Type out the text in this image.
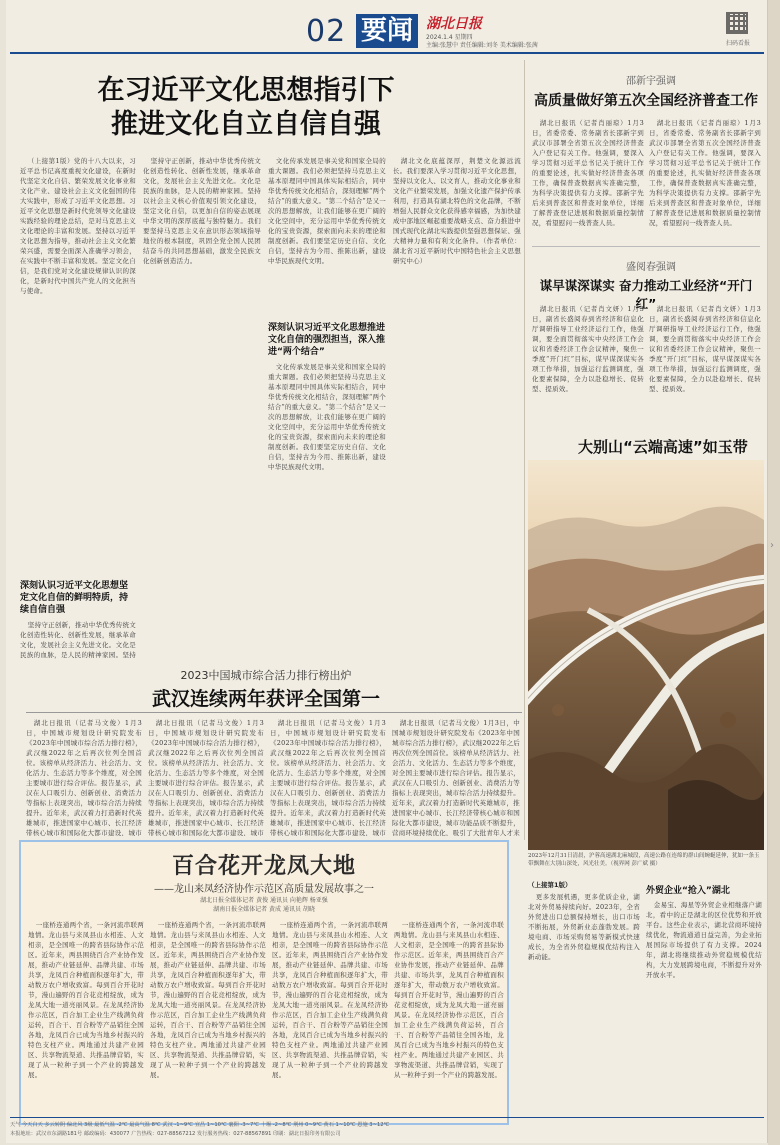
02 要闻 湖北日报
2024.1.4 星期四
主编:张慧中 责任编辑:刘冬 美术编辑:张茜	扫码看报
在习近平文化思想指引下
推进文化自立自信自强

（上接第1版）党的十八大以来，习近平总书记高度重视文化建设，在新时代坚定文化自信、繁荣发展文化事业和文化产业、建设社会主义文化强国的伟大实践中，形成了习近平文化思想。习近平文化思想是新时代党领导文化建设实践经验的理论总结，是对马克思主义文化理论的丰富和发展。坚持以习近平文化思想为指导，推动社会主义文化繁荣兴盛，需要全面深入准确学习领会，在实践中不断丰富和发展。坚定文化自信，是我们党对文化建设规律认识的深化，是新时代中国共产党人的文化担当与使命。

深刻认识习近平文化思想坚定文化自信的鲜明特质，持续自信自强

坚持守正创新，推动中华优秀传统文化创造性转化、创新性发展，继承革命文化，发展社会主义先进文化。文化是民族的血脉，是人民的精神家园。坚持

坚持守正创新，推动中华优秀传统文化创造性转化、创新性发展，继承革命文化，发展社会主义先进文化。文化是民族的血脉，是人民的精神家园。坚持以社会主义核心价值观引领文化建设，坚定文化自信，以更加自信的姿态展现中华文明的深厚底蕴与独特魅力。我们要坚持马克思主义在意识形态领域指导地位的根本制度，巩固全党全国人民团结奋斗的共同思想基础，激发全民族文化创新创造活力。

文化传承发展是事关党和国家全局的重大课题。我们必须把坚持马克思主义基本原理同中国具体实际相结合，同中华优秀传统文化相结合，深刻理解“两个结合”的重大意义。“第二个结合”是又一次的思想解放，让我们能够在更广阔的文化空间中，充分运用中华优秀传统文化的宝贵资源，探索面向未来的理论和制度创新。我们要坚定历史自信、文化自信，坚持古为今用、推陈出新，建设中华民族现代文明。

深刻认识习近平文化思想推进文化自信的强烈担当，深入推进“两个结合”

文化传承发展是事关党和国家全局的重大课题。我们必须把坚持马克思主义基本原理同中国具体实际相结合，同中华优秀传统文化相结合，深刻理解“两个结合”的重大意义。“第二个结合”是又一次的思想解放，让我们能够在更广阔的文化空间中，充分运用中华优秀传统文化的宝贵资源，探索面向未来的理论和制度创新。我们要坚定历史自信、文化自信，坚持古为今用、推陈出新，建设中华民族现代文明。

湖北文化底蕴深厚，荆楚文化源远流长。我们要深入学习贯彻习近平文化思想，坚持以文化人、以文育人，推动文化事业和文化产业繁荣发展，加强文化遗产保护传承利用，打造具有湖北特色的文化品牌，不断增强人民群众文化获得感幸福感，为加快建成中部地区崛起重要战略支点、奋力推进中国式现代化湖北实践提供坚强思想保证、强大精神力量和有利文化条件。（作者单位：湖北省习近平新时代中国特色社会主义思想研究中心）

邵新宇强调
高质量做好第五次全国经济普查工作

湖北日报讯（记者肖丽琼）1月3日，省委常委、常务副省长邵新宇到武汉市部署全省第五次全国经济普查入户登记有关工作。他强调，要深入学习贯彻习近平总书记关于统计工作的重要论述，扎实做好经济普查各项工作，确保普查数据真实准确完整，为科学决策提供有力支撑。邵新宇先后来到普查区和普查对象单位，详细了解普查登记进展和数据质量控制情况，看望慰问一线普查人员。

湖北日报讯（记者肖丽琼）1月3日，省委常委、常务副省长邵新宇到武汉市部署全省第五次全国经济普查入户登记有关工作。他强调，要深入学习贯彻习近平总书记关于统计工作的重要论述，扎实做好经济普查各项工作，确保普查数据真实准确完整，为科学决策提供有力支撑。邵新宇先后来到普查区和普查对象单位，详细了解普查登记进展和数据质量控制情况，看望慰问一线普查人员。

盛阅春强调
谋早谋深谋实 奋力推动工业经济“开门红”

湖北日报讯（记者肖文妍）1月3日，副省长盛阅春到省经济和信息化厅调研指导工业经济运行工作，他强调，要全面贯彻落实中央经济工作会议和省委经济工作会议精神，聚焦一季度“开门红”目标，谋早谋深谋实各项工作举措，加强运行监测调度，强化要素保障，全力以赴稳增长、促转型、提质效。

湖北日报讯（记者肖文妍）1月3日，副省长盛阅春到省经济和信息化厅调研指导工业经济运行工作，他强调，要全面贯彻落实中央经济工作会议和省委经济工作会议精神，聚焦一季度“开门红”目标，谋早谋深谋实各项工作举措，加强运行监测调度，强化要素保障，全力以赴稳增长、促转型、提质效。

大别山“云端高速”如玉带
2023年12月31日清晨，沪蓉高速湖北麻城段，高速公路在连绵的群山间蜿蜒延伸，犹如一条玉带飘舞在大别山深处，风光壮美。（视界网 彭广斌 摄）
2023中国城市综合活力排行榜出炉
武汉连续两年获评全国第一

湖北日报讯（记者马文俊）1月3日，中国城市规划设计研究院发布《2023年中国城市综合活力排行榜》，武汉继2022年之后再次位列全国首位。该榜单从经济活力、社会活力、文化活力、生态活力等多个维度，对全国主要城市进行综合评估。报告显示，武汉在人口吸引力、创新创业、消费活力等指标上表现突出，城市综合活力持续提升。近年来，武汉着力打造新时代英雄城市，推进国家中心城市、长江经济带核心城市和国际化大都市建设，城市

湖北日报讯（记者马文俊）1月3日，中国城市规划设计研究院发布《2023年中国城市综合活力排行榜》，武汉继2022年之后再次位列全国首位。该榜单从经济活力、社会活力、文化活力、生态活力等多个维度，对全国主要城市进行综合评估。报告显示，武汉在人口吸引力、创新创业、消费活力等指标上表现突出，城市综合活力持续提升。近年来，武汉着力打造新时代英雄城市，推进国家中心城市、长江经济带核心城市和国际化大都市建设，城市

湖北日报讯（记者马文俊）1月3日，中国城市规划设计研究院发布《2023年中国城市综合活力排行榜》，武汉继2022年之后再次位列全国首位。该榜单从经济活力、社会活力、文化活力、生态活力等多个维度，对全国主要城市进行综合评估。报告显示，武汉在人口吸引力、创新创业、消费活力等指标上表现突出，城市综合活力持续提升。近年来，武汉着力打造新时代英雄城市，推进国家中心城市、长江经济带核心城市和国际化大都市建设，城市

湖北日报讯（记者马文俊）1月3日，中国城市规划设计研究院发布《2023年中国城市综合活力排行榜》，武汉继2022年之后再次位列全国首位。该榜单从经济活力、社会活力、文化活力、生态活力等多个维度，对全国主要城市进行综合评估。报告显示，武汉在人口吸引力、创新创业、消费活力等指标上表现突出，城市综合活力持续提升。近年来，武汉着力打造新时代英雄城市，推进国家中心城市、长江经济带核心城市和国际化大都市建设，城市功能品质不断提升，营商环境持续优化，吸引了大批青年人才来

百合花开龙凤大地
——龙山来凤经济协作示范区高质量发展故事之一
湖北日报全媒体记者 黄俊 通讯员 向艳辉 杨亚强
湖南日报全媒体记者 黄成 通讯员 胡晓

一座桥连通两个省，一条河流串联两地情。龙山县与来凤县山水相连、人文相亲，是全国唯一的跨省县际协作示范区。近年来，两县围绕百合产业协作发展，推动产业链延伸、品牌共建、市场共享，龙凤百合种植面积逐年扩大，带动数万农户增收致富。每到百合开花时节，漫山遍野的百合花竞相绽放，成为龙凤大地一道亮丽风景。在龙凤经济协作示范区，百合加工企业生产线满负荷运转，百合干、百合粉等产品销往全国各地，龙凤百合已成为当地乡村振兴的特色支柱产业。两地通过共建产业园区、共享物流渠道、共推品牌营销，实现了从一粒种子到一个产业的跨越发展。

一座桥连通两个省，一条河流串联两地情。龙山县与来凤县山水相连、人文相亲，是全国唯一的跨省县际协作示范区。近年来，两县围绕百合产业协作发展，推动产业链延伸、品牌共建、市场共享，龙凤百合种植面积逐年扩大，带动数万农户增收致富。每到百合开花时节，漫山遍野的百合花竞相绽放，成为龙凤大地一道亮丽风景。在龙凤经济协作示范区，百合加工企业生产线满负荷运转，百合干、百合粉等产品销往全国各地，龙凤百合已成为当地乡村振兴的特色支柱产业。两地通过共建产业园区、共享物流渠道、共推品牌营销，实现了从一粒种子到一个产业的跨越发展。

一座桥连通两个省，一条河流串联两地情。龙山县与来凤县山水相连、人文相亲，是全国唯一的跨省县际协作示范区。近年来，两县围绕百合产业协作发展，推动产业链延伸、品牌共建、市场共享，龙凤百合种植面积逐年扩大，带动数万农户增收致富。每到百合开花时节，漫山遍野的百合花竞相绽放，成为龙凤大地一道亮丽风景。在龙凤经济协作示范区，百合加工企业生产线满负荷运转，百合干、百合粉等产品销往全国各地，龙凤百合已成为当地乡村振兴的特色支柱产业。两地通过共建产业园区、共享物流渠道、共推品牌营销，实现了从一粒种子到一个产业的跨越发展。

一座桥连通两个省，一条河流串联两地情。龙山县与来凤县山水相连、人文相亲，是全国唯一的跨省县际协作示范区。近年来，两县围绕百合产业协作发展，推动产业链延伸、品牌共建、市场共享，龙凤百合种植面积逐年扩大，带动数万农户增收致富。每到百合开花时节，漫山遍野的百合花竞相绽放，成为龙凤大地一道亮丽风景。在龙凤经济协作示范区，百合加工企业生产线满负荷运转，百合干、百合粉等产品销往全国各地，龙凤百合已成为当地乡村振兴的特色支柱产业。两地通过共建产业园区、共享物流渠道、共推品牌营销，实现了从一粒种子到一个产业的跨越发展。

（上接第1版）

更多发展机遇，更多优质企业，湖北对外贸易持续向好。2023年，全省外贸进出口总额保持增长，出口市场不断拓展，外贸新业态蓬勃发展。跨境电商、市场采购贸易等新模式快速成长，为全省外贸稳规模优结构注入新动能。

外贸企业“抢入”湖北

金易宝、海星等外贸企业相继落户湖北，看中的正是湖北的区位优势和开放平台。这些企业表示，湖北营商环境持续优化，物流通道日益完善，为企业拓展国际市场提供了有力支撑。2024年，湖北将继续推动外贸稳规模优结构，大力发展跨境电商，不断提升对外开放水平。

天气 今天白天 多云转阴 偏北风 3级 最低气温 -2℃ 最高气温 8℃ 武汉 -1~9℃ 宜昌 1~10℃ 襄阳 -3~7℃ 十堰 -2~8℃ 荆州 0~9℃ 黄石 1~10℃ 恩施 3~12℃
本报地址：武汉市东湖路181号 邮政编码：430077 广告热线：027-88567212 发行服务热线：027-88567891 印刷：湖北日报印务有限公司
›
